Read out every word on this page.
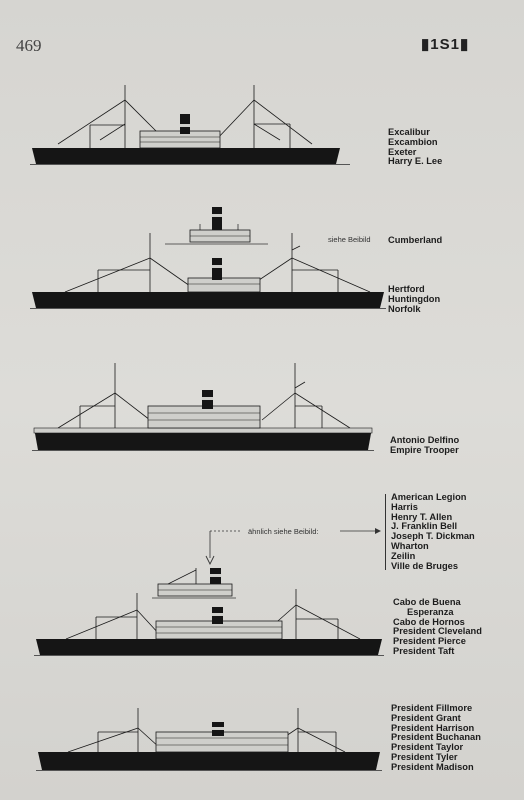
469	▮1S1▮
Excalibur
Excambion
Exeter
Harry E. Lee
siehe Beibild Cumberland
Hertford
Huntingdon
Norfolk
Antonio Delfino
Empire Trooper
ähnlich siehe Beibild:
American Legion
Harris
Henry T. Allen
J. Franklin Bell
Joseph T. Dickman
Wharton
Zeilin
Ville de Bruges
Cabo de Buena
Esperanza
Cabo de Hornos
President Cleveland
President Pierce
President Taft
President Fillmore
President Grant
President Harrison
President Buchanan
President Taylor
President Tyler
President Madison
